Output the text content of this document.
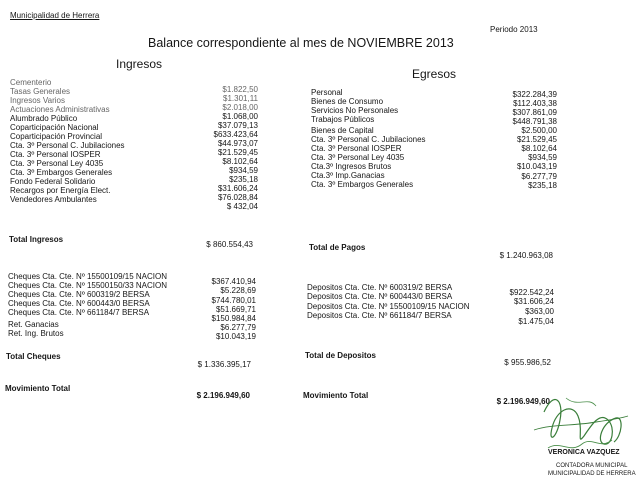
Municipalidad de Herrera
Periodo 2013
Balance correspondiente al mes de NOVIEMBRE 2013
Ingresos
Cementerio
Tasas Generales	$1.822,50
Ingresos Varios	$1.301,11
Actuaciones Administrativas	$2.018,00
Alumbrado Público	$1.068,00
Coparticipación Nacional	$37.079,13
Coparticipación Provincial	$633.423,64
Cta. 3º Personal C. Jubilaciones	$44.973,07
Cta. 3º Personal IOSPER	$21.529,45
Cta. 3º Personal Ley 4035	$8.102,64
Cta. 3º Embargos Generales	$934,59
Fondo Federal Solidario	$235,18
Recargos por Energía Elect.	$31.606,24
Vendedores Ambulantes	$76.028,84
$ 432,04
Total Ingresos
$ 860.554,43
Cheques Cta. Cte. Nº 15500109/15 NACION
$367.410,94
Cheques Cta. Cte. Nº 15500150/33 NACION
$5.228,69
Cheques Cta. Cte. Nº 600319/2 BERSA
$744.780,01
Cheques Cta. Cte. Nº 600443/0 BERSA
$51.669,71
Cheques Cta. Cte. Nº 661184/7 BERSA
$150.984,84
Ret. Ganacias	$6.277,79
Ret. Ing. Brutos	$10.043,19
Total Cheques
$ 1.336.395,17
Movimiento Total
$ 2.196.949,60
Egresos
Personal	$322.284,39
Bienes de Consumo	$112.403,38
Servicios No Personales	$307.861,09
Trabajos Públicos	$448.791,38
Bienes de Capital	$2.500,00
Cta. 3º Personal C. Jubilaciones	$21.529,45
Cta. 3º Personal IOSPER	$8.102,64
Cta. 3º Personal Ley 4035	$934,59
Cta.3º Ingresos Brutos	$10.043,19
Cta.3º Imp.Ganacias	$6.277,79
Cta. 3º Embargos Generales	$235,18
Total de Pagos
$ 1.240.963,08
Depositos Cta. Cte. Nº 600319/2 BERSA
$922.542,24
Depositos Cta. Cte. Nº 600443/0 BERSA
$31.606,24
Depositos Cta. Cte. Nº 15500109/15 NACION
$363,00
Depositos Cta. Cte. Nº 661184/7 BERSA
$1.475,04
Total de Depositos
$ 955.986,52
Movimiento Total
$ 2.196.949,60
VERONICA VAZQUEZ
CONTADORA MUNICIPAL
MUNICIPALIDAD DE HERRERA
